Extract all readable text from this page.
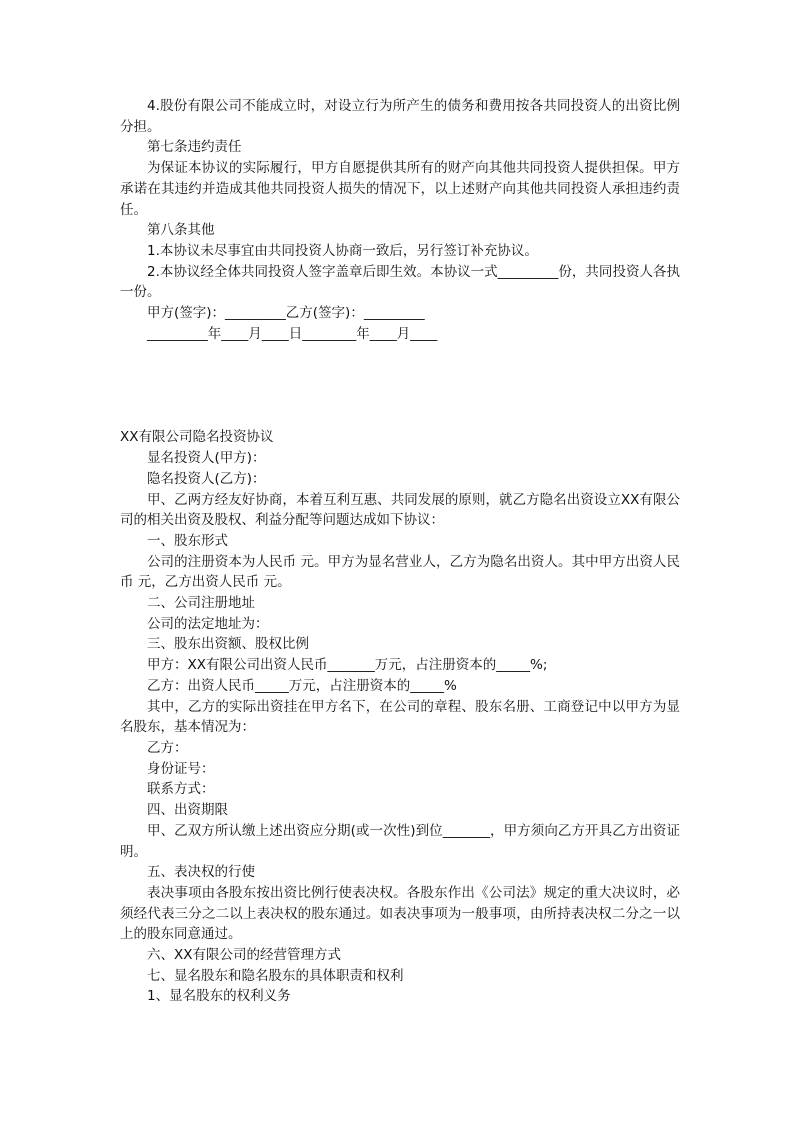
4.股份有限公司不能成立时，对设立行为所产生的债务和费用按各共同投资人的出资比例分担。

第七条违约责任

为保证本协议的实际履行，甲方自愿提供其所有的财产向其他共同投资人提供担保。甲方承诺在其违约并造成其他共同投资人损失的情况下，以上述财产向其他共同投资人承担违约责任。

第八条其他

1.本协议未尽事宜由共同投资人协商一致后，另行签订补充协议。

2.本协议经全体共同投资人签字盖章后即生效。本协议一式_________份，共同投资人各执一份。

甲方(签字)：_________乙方(签字)：_________

_________年____月____日________年____月____

XX有限公司隐名投资协议

显名投资人(甲方)：

隐名投资人(乙方)：

甲、乙两方经友好协商，本着互利互惠、共同发展的原则，就乙方隐名出资设立XX有限公司的相关出资及股权、利益分配等问题达成如下协议：

一、股东形式

公司的注册资本为人民币 元。甲方为显名营业人，乙方为隐名出资人。其中甲方出资人民币 元，乙方出资人民币 元。

二、公司注册地址

公司的法定地址为：

三、股东出资额、股权比例

甲方：XX有限公司出资人民币_______万元，占注册资本的_____%;

乙方：出资人民币_____万元，占注册资本的_____%

其中，乙方的实际出资挂在甲方名下，在公司的章程、股东名册、工商登记中以甲方为显名股东，基本情况为：

乙方：

身份证号：

联系方式：

四、出资期限

甲、乙双方所认缴上述出资应分期(或一次性)到位_______，甲方须向乙方开具乙方出资证明。

五、表决权的行使

表决事项由各股东按出资比例行使表决权。各股东作出《公司法》规定的重大决议时，必须经代表三分之二以上表决权的股东通过。如表决事项为一般事项，由所持表决权二分之一以上的股东同意通过。

六、XX有限公司的经营管理方式

七、显名股东和隐名股东的具体职责和权利

1、显名股东的权利义务
